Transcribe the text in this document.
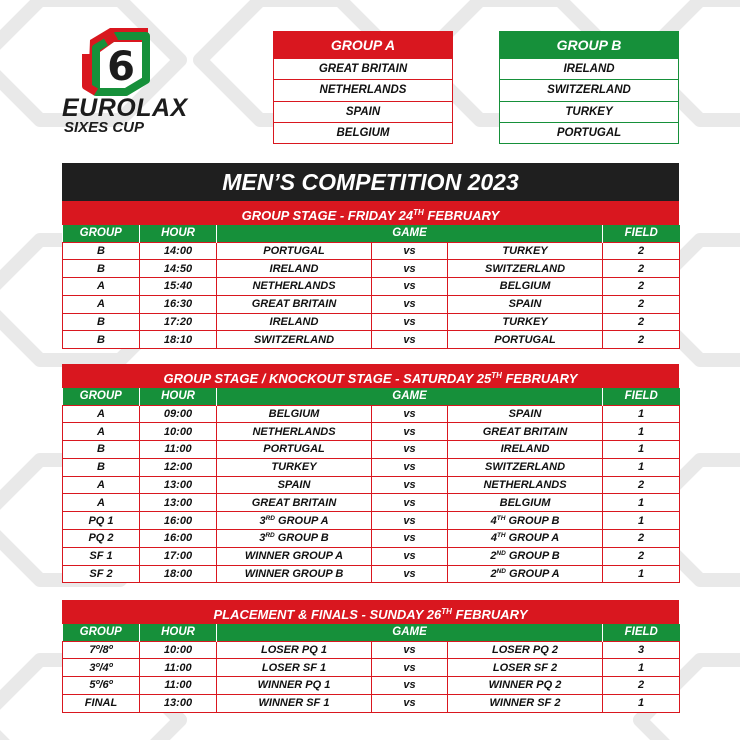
6
EUROLAX
SIXES CUP
GROUP A
GREAT BRITAIN
NETHERLANDS
SPAIN
BELGIUM
GROUP B
IRELAND
SWITZERLAND
TURKEY
PORTUGAL
MEN’S COMPETITION 2023
GROUP STAGE - FRIDAY 24TH FEBRUARY
GROUP	HOUR	GAME			FIELD
B	14:00	PORTUGAL	vs	TURKEY	2
B	14:50	IRELAND	vs	SWITZERLAND	2
A	15:40	NETHERLANDS	vs	BELGIUM	2
A	16:30	GREAT BRITAIN	vs	SPAIN	2
B	17:20	IRELAND	vs	TURKEY	2
B	18:10	SWITZERLAND	vs	PORTUGAL	2
GROUP STAGE / KNOCKOUT STAGE - SATURDAY 25TH FEBRUARY
GROUP	HOUR	GAME			FIELD
A	09:00	BELGIUM	vs	SPAIN	1
A	10:00	NETHERLANDS	vs	GREAT BRITAIN	1
B	11:00	PORTUGAL	vs	IRELAND	1
B	12:00	TURKEY	vs	SWITZERLAND	1
A	13:00	SPAIN	vs	NETHERLANDS	2
A	13:00	GREAT BRITAIN	vs	BELGIUM	1
PQ 1	16:00	3RD GROUP A	vs	4TH GROUP B	1
PQ 2	16:00	3RD GROUP B	vs	4TH GROUP A	2
SF 1	17:00	WINNER GROUP A	vs	2ND GROUP B	2
SF 2	18:00	WINNER GROUP B	vs	2ND GROUP A	1
PLACEMENT & FINALS - SUNDAY 26TH FEBRUARY
GROUP	HOUR	GAME			FIELD
7º/8º	10:00	LOSER PQ 1	vs	LOSER PQ 2	3
3º/4º	11:00	LOSER SF 1	vs	LOSER SF 2	1
5º/6º	11:00	WINNER PQ 1	vs	WINNER PQ 2	2
FINAL	13:00	WINNER SF 1	vs	WINNER SF 2	1
